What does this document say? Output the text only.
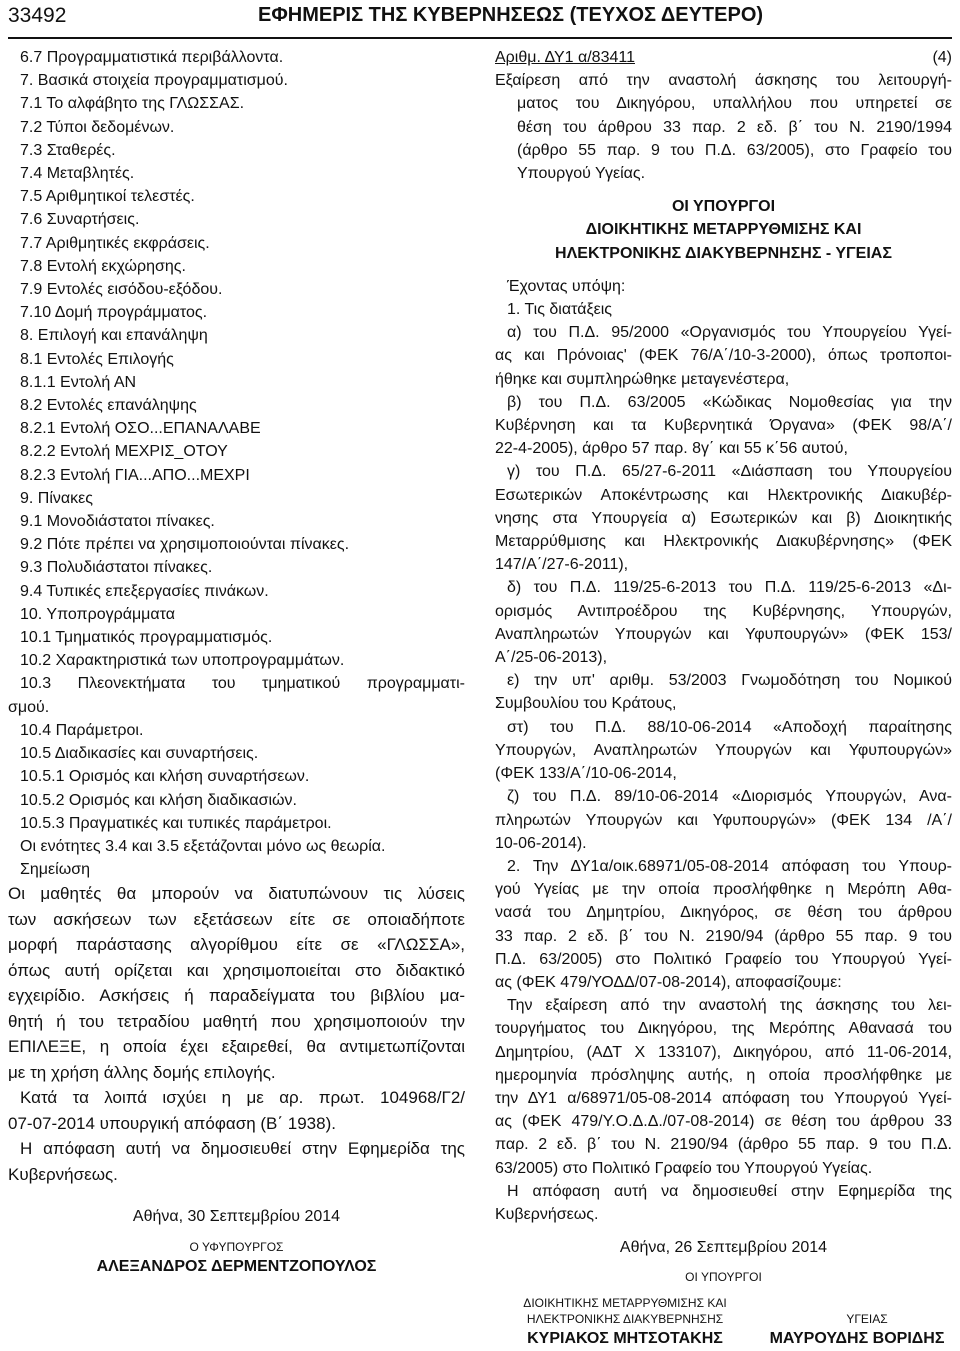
33492	ΕΦΗΜΕΡΙΣ ΤΗΣ ΚΥΒΕΡΝΗΣΕΩΣ (ΤΕΥΧΟΣ ΔΕΥΤΕΡΟ)
6.7 Προγραμματιστικά περιβάλλοντα.
7. Βασικά στοιχεία προγραμματισμού.
7.1 Το αλφάβητο της ΓΛΩΣΣΑΣ.
7.2 Τύποι δεδομένων.
7.3 Σταθερές.
7.4 Μεταβλητές.
7.5 Αριθμητικοί τελεστές.
7.6 Συναρτήσεις.
7.7 Αριθμητικές εκφράσεις.
7.8 Εντολή εκχώρησης.
7.9 Εντολές εισόδου-εξόδου.
7.10 Δομή προγράμματος.
8. Επιλογή και επανάληψη
8.1 Εντολές Επιλογής
8.1.1 Εντολή ΑΝ
8.2 Εντολές επανάληψης
8.2.1 Εντολή ΟΣΟ...ΕΠΑΝΑΛΑΒΕ
8.2.2 Εντολή ΜΕΧΡΙΣ_ΟΤΟΥ
8.2.3 Εντολή ΓΙΑ...ΑΠΟ...ΜΕΧΡΙ
9. Πίνακες
9.1 Μονοδιάστατοι πίνακες.
9.2 Πότε πρέπει να χρησιμοποιούνται πίνακες.
9.3 Πολυδιάστατοι πίνακες.
9.4 Τυπικές επεξεργασίες πινάκων.
10. Υποπρογράμματα
10.1 Τμηματικός προγραμματισμός.
10.2 Χαρακτηριστικά των υποπρογραμμάτων.
10.3 Πλεονεκτήματα του τμηματικού προγραμματι-
σμού.
10.4 Παράμετροι.
10.5 Διαδικασίες και συναρτήσεις.
10.5.1 Ορισμός και κλήση συναρτήσεων.
10.5.2 Ορισμός και κλήση διαδικασιών.
10.5.3 Πραγματικές και τυπικές παράμετροι.
Οι ενότητες 3.4 και 3.5 εξετάζονται μόνο ως θεωρία.
Σημείωση
Οι μαθητές θα μπορούν να διατυπώνουν τις λύσεις
των ασκήσεων των εξετάσεων είτε σε οποιαδήποτε
μορφή παράστασης αλγορίθμου είτε σε «ΓΛΩΣΣΑ»,
όπως αυτή ορίζεται και χρησιμοποιείται στο διδακτικό
εγχειρίδιο. Ασκήσεις ή παραδείγματα του βιβλίου μα-
θητή ή του τετραδίου μαθητή που χρησιμοποιούν την
ΕΠΙΛΕΞΕ, η οποία έχει εξαιρεθεί, θα αντιμετωπίζονται
με τη χρήση άλλης δομής επιλογής.
Κατά τα λοιπά ισχύει η με αρ. πρωτ. 104968/Γ2/
07-07-2014 υπουργική απόφαση (Β΄ 1938).
Η απόφαση αυτή να δημοσιευθεί στην Εφημερίδα της
Κυβερνήσεως.
Αθήνα, 30 Σεπτεμβρίου 2014
Ο ΥΦΥΠΟΥΡΓΟΣ
ΑΛΕΞΑΝΔΡΟΣ ΔΕΡΜΕΝΤΖΟΠΟΥΛΟΣ
Αριθμ. ΔΥ1 α/83411	(4)
Εξαίρεση από την αναστολή άσκησης του λειτουργή-
ματος του Δικηγόρου, υπαλλήλου που υπηρετεί σε
θέση του άρθρου 33 παρ. 2 εδ. β΄ του Ν. 2190/1994
(άρθρο 55 παρ. 9 του Π.Δ. 63/2005), στο Γραφείο του
Υπουργού Υγείας.
ΟΙ ΥΠΟΥΡΓΟΙ
ΔΙΟΙΚΗΤΙΚΗΣ ΜΕΤΑΡΡΥΘΜΙΣΗΣ ΚΑΙ
ΗΛΕΚΤΡΟΝΙΚΗΣ ΔΙΑΚΥΒΕΡΝΗΣΗΣ - ΥΓΕΙΑΣ
Έχοντας υπόψη:
1. Τις διατάξεις
α) του Π.Δ. 95/2000 «Οργανισμός του Υπουργείου Υγεί-
ας και Πρόνοιας' (ΦΕΚ 76/Α΄/10-3-2000), όπως τροποποι-
ήθηκε και συμπληρώθηκε μεταγενέστερα,
β) του Π.Δ. 63/2005 «Κώδικας Νομοθεσίας για την
Κυβέρνηση και τα Κυβερνητικά Όργανα» (ΦΕΚ 98/Α΄/
22-4-2005), άρθρο 57 παρ. 8γ΄ και 55 κ΄56 αυτού,
γ) του Π.Δ. 65/27-6-2011 «Διάσπαση του Υπουργείου
Εσωτερικών Αποκέντρωσης και Ηλεκτρονικής Διακυβέρ-
νησης στα Υπουργεία α) Εσωτερικών και β) Διοικητικής
Μεταρρύθμισης και Ηλεκτρονικής Διακυβέρνησης» (ΦΕΚ
147/Α΄/27-6-2011),
δ) του Π.Δ. 119/25-6-2013 του Π.Δ. 119/25-6-2013 «Δι-
ορισμός Αντιπροέδρου της Κυβέρνησης, Υπουργών,
Αναπληρωτών Υπουργών και Υφυπουργών» (ΦΕΚ 153/
Α΄/25-06-2013),
ε) την υπ' αριθμ. 53/2003 Γνωμοδότηση του Νομικού
Συμβουλίου του Κράτους,
στ) του Π.Δ. 88/10-06-2014 «Αποδοχή παραίτησης
Υπουργών, Αναπληρωτών Υπουργών και Υφυπουργών»
(ΦΕΚ 133/Α΄/10-06-2014,
ζ) του Π.Δ. 89/10-06-2014 «Διορισμός Υπουργών, Ανα-
πληρωτών Υπουργών και Υφυπουργών» (ΦΕΚ 134 /Α΄/
10-06-2014).
2. Την ΔΥ1α/οικ.68971/05-08-2014 απόφαση του Υπουρ-
γού Υγείας με την οποία προσλήφθηκε η Μερόπη Αθα-
νασά του Δημητρίου, Δικηγόρος, σε θέση του άρθρου
33 παρ. 2 εδ. β΄ του Ν. 2190/94 (άρθρο 55 παρ. 9 του
Π.Δ. 63/2005) στο Πολιτικό Γραφείο του Υπουργού Υγεί-
ας (ΦΕΚ 479/ΥΟΔΔ/07-08-2014), αποφασίζουμε:
Την εξαίρεση από την αναστολή της άσκησης του λει-
τουργήματος του Δικηγόρου, της Μερόπης Αθανασά του
Δημητρίου, (ΑΔΤ Χ 133107), Δικηγόρου, από 11-06-2014,
ημερομηνία πρόσληψης αυτής, η οποία προσλήφθηκε με
την ΔΥ1 α/68971/05-08-2014 απόφαση του Υπουργού Υγεί-
ας (ΦΕΚ 479/Υ.Ο.Δ.Δ./07-08-2014) σε θέση του άρθρου 33
παρ. 2 εδ. β΄ του Ν. 2190/94 (άρθρο 55 παρ. 9 του Π.Δ.
63/2005) στο Πολιτικό Γραφείο του Υπουργού Υγείας.
Η απόφαση αυτή να δημοσιευθεί στην Εφημερίδα της
Κυβερνήσεως.
Αθήνα, 26 Σεπτεμβρίου 2014
ΟΙ ΥΠΟΥΡΓΟΙ
ΔΙΟΙΚΗΤΙΚΗΣ ΜΕΤΑΡΡΥΘΜΙΣΗΣ ΚΑΙ
ΗΛΕΚΤΡΟΝΙΚΗΣ ΔΙΑΚΥΒΕΡΝΗΣΗΣ	ΥΓΕΙΑΣ
ΚΥΡΙΑΚΟΣ ΜΗΤΣΟΤΑΚΗΣ	ΜΑΥΡΟΥΔΗΣ ΒΟΡΙΔΗΣ
